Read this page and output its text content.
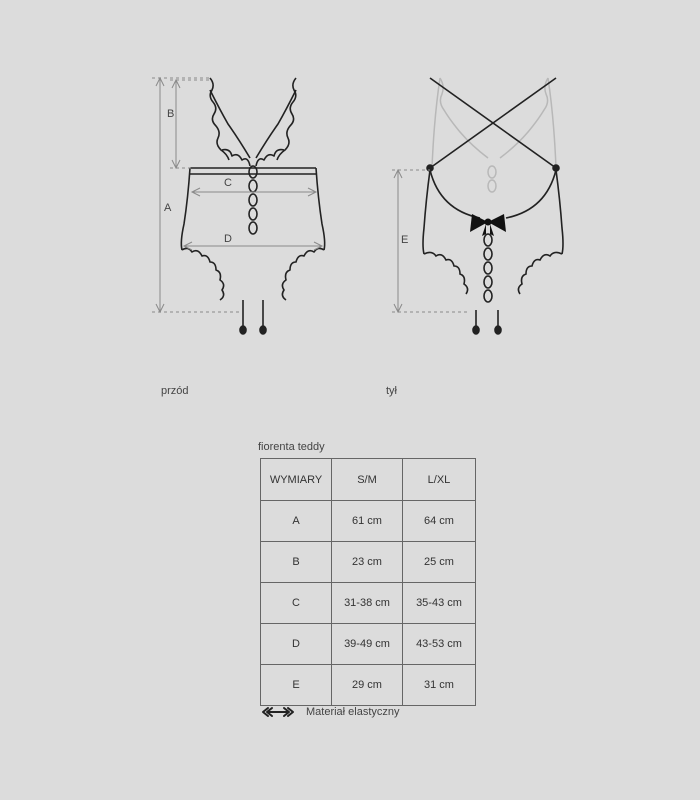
B
A
C
D	E
przód	tył
fiorenta teddy
WYMIARY	S/M	L/XL
A	61 cm	64 cm
B	23 cm	25 cm
C	31-38 cm	35-43 cm
D	39-49 cm	43-53 cm
E	29 cm	31 cm
Materiał elastyczny
